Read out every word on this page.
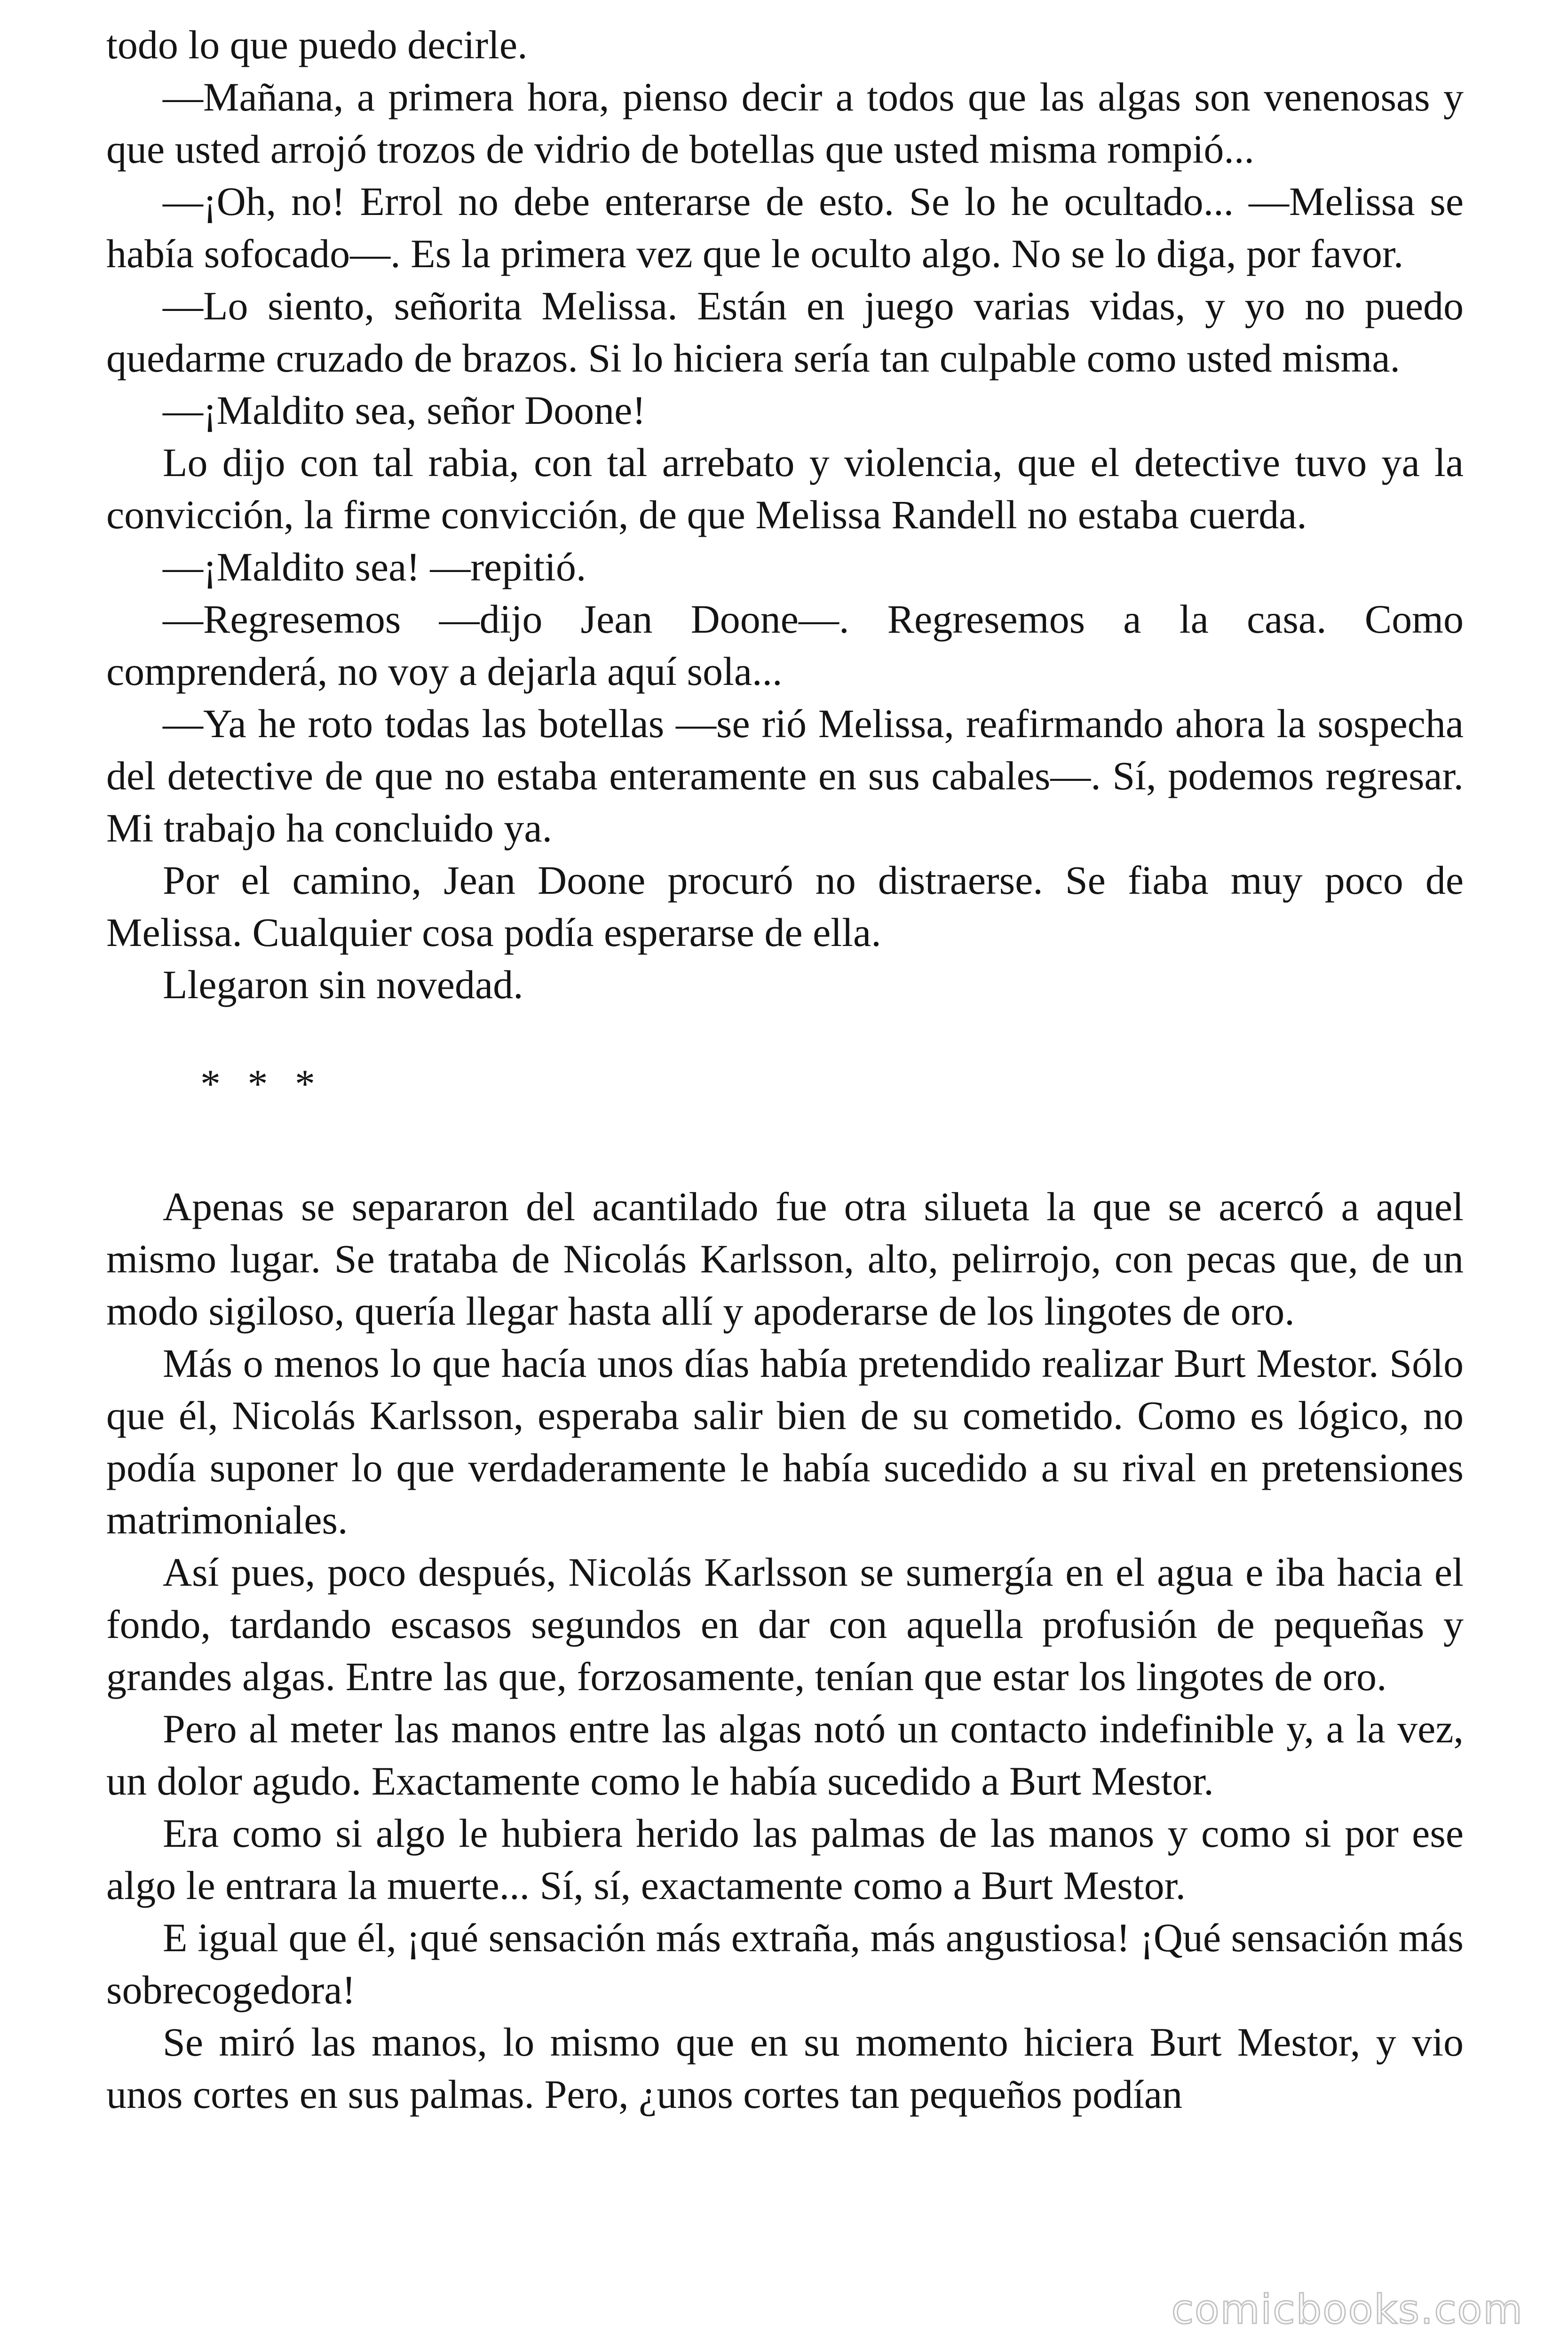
todo lo que puedo decirle.

—Mañana, a primera hora, pienso decir a todos que las algas son venenosas y que usted arrojó trozos de vidrio de botellas que usted misma rompió...

—¡Oh, no! Errol no debe enterarse de esto. Se lo he ocultado... —Melissa se había sofocado—. Es la primera vez que le oculto algo. No se lo diga, por favor.

—Lo siento, señorita Melissa. Están en juego varias vidas, y yo no puedo quedarme cruzado de brazos. Si lo hiciera sería tan culpable como usted misma.

—¡Maldito sea, señor Doone!

Lo dijo con tal rabia, con tal arrebato y violencia, que el detective tuvo ya la convicción, la firme convicción, de que Melissa Randell no estaba cuerda.

—¡Maldito sea! —repitió.

—Regresemos —dijo Jean Doone—. Regresemos a la casa. Como comprenderá, no voy a dejarla aquí sola...

—Ya he roto todas las botellas —se rió Melissa, reafirmando ahora la sospecha del detective de que no estaba enteramente en sus cabales—. Sí, podemos regresar. Mi trabajo ha concluido ya.

Por el camino, Jean Doone procuró no distraerse. Se fiaba muy poco de Melissa. Cualquier cosa podía esperarse de ella.

Llegaron sin novedad.

* * *

Apenas se separaron del acantilado fue otra silueta la que se acercó a aquel mismo lugar. Se trataba de Nicolás Karlsson, alto, pelirrojo, con pecas que, de un modo sigiloso, quería llegar hasta allí y apoderarse de los lingotes de oro.

Más o menos lo que hacía unos días había pretendido realizar Burt Mestor. Sólo que él, Nicolás Karlsson, esperaba salir bien de su cometido. Como es lógico, no podía suponer lo que verdaderamente le había sucedido a su rival en pretensiones matrimoniales.

Así pues, poco después, Nicolás Karlsson se sumergía en el agua e iba hacia el fondo, tardando escasos segundos en dar con aquella profusión de pequeñas y grandes algas. Entre las que, forzosamente, tenían que estar los lingotes de oro.

Pero al meter las manos entre las algas notó un contacto indefinible y, a la vez, un dolor agudo. Exactamente como le había sucedido a Burt Mestor.

Era como si algo le hubiera herido las palmas de las manos y como si por ese algo le entrara la muerte... Sí, sí, exactamente como a Burt Mestor.

E igual que él, ¡qué sensación más extraña, más angustiosa! ¡Qué sensación más sobrecogedora!

Se miró las manos, lo mismo que en su momento hiciera Burt Mestor, y vio unos cortes en sus palmas. Pero, ¿unos cortes tan pequeños podían

comicbooks.com
